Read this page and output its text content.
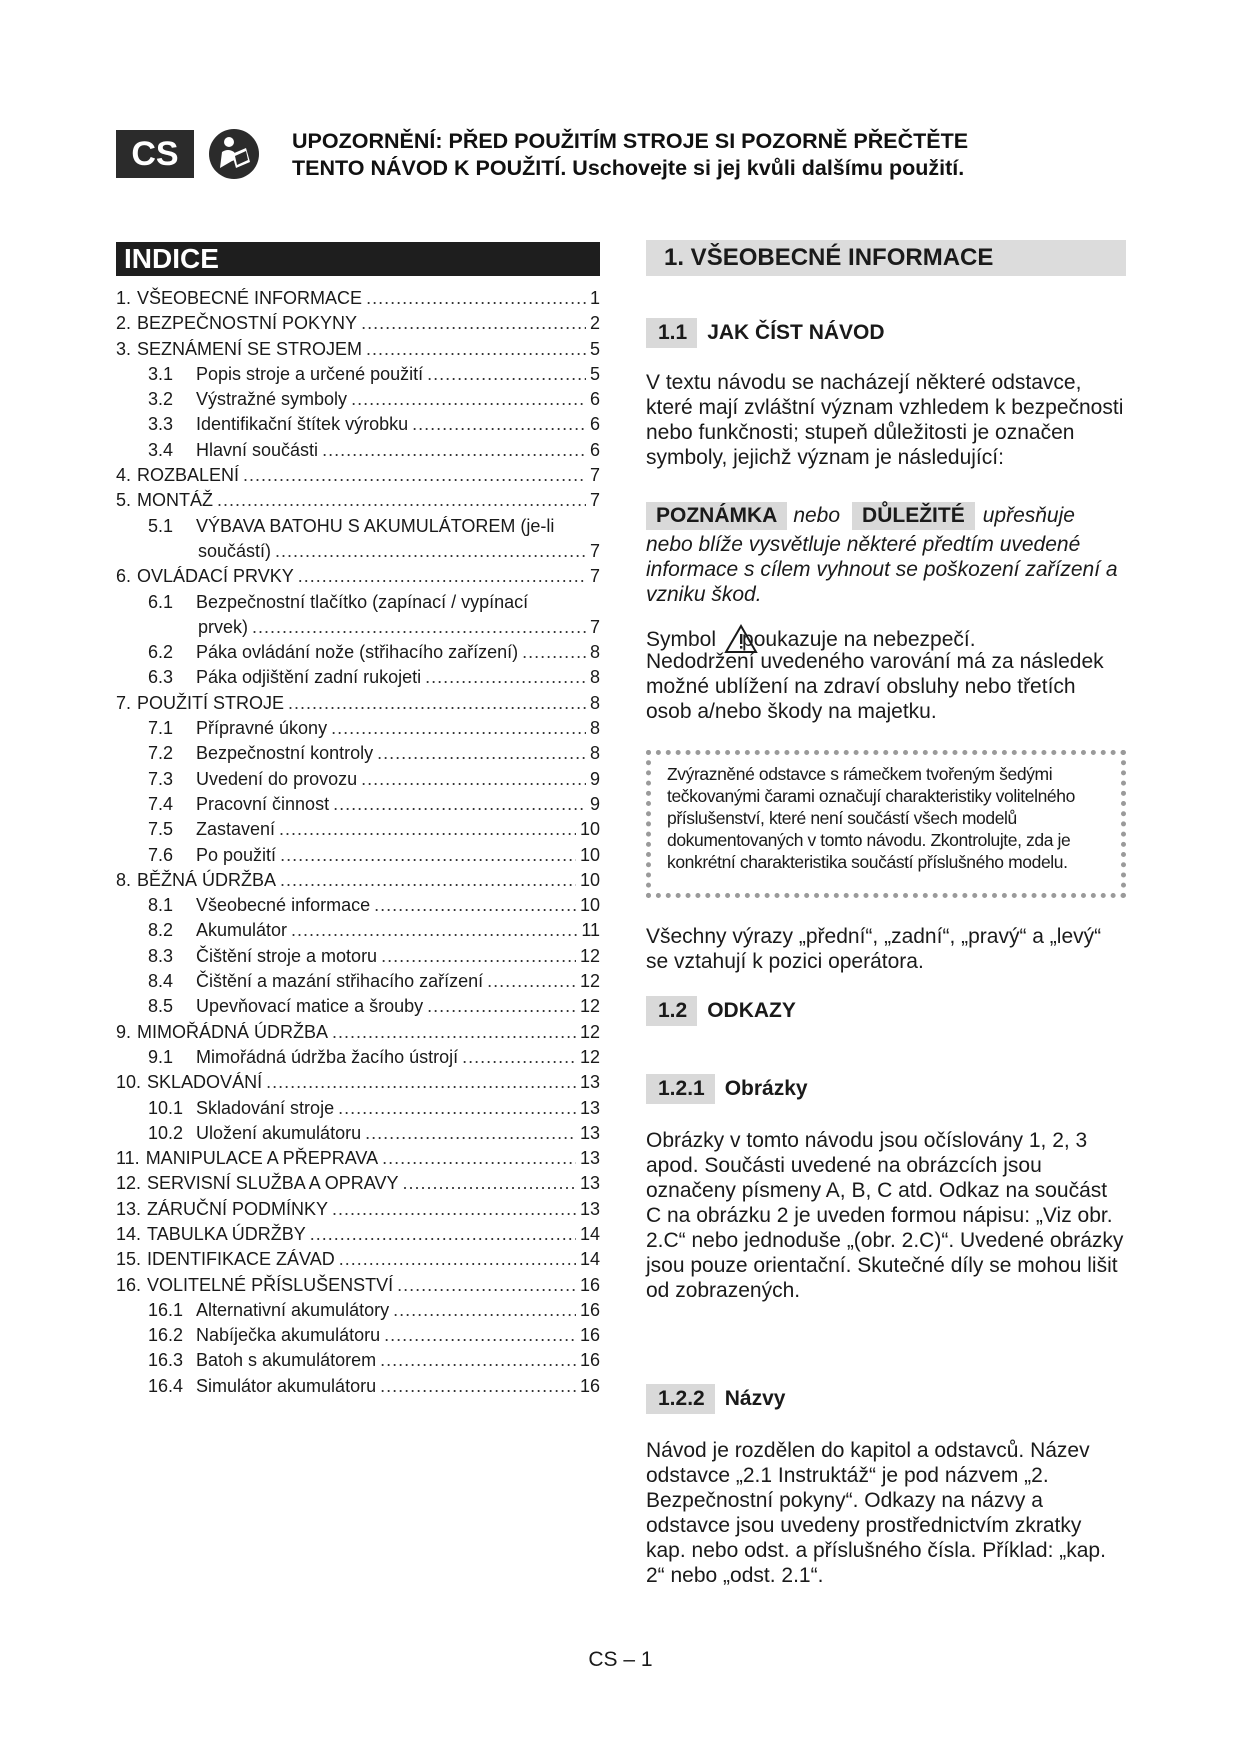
CS	UPOZORNĚNÍ: PŘED POUŽITÍM STROJE SI POZORNĚ PŘEČTĚTE
TENTO NÁVOD K POUŽITÍ. Uschovejte si jej kvůli dalšímu použití.
INDICE
1. VŠEOBECNÉ INFORMACE .....	1
2. BEZPEČNOSTNÍ POKYNY .....	2
3. SEZNÁMENÍ SE STROJEM .....	5
3.1	Popis stroje a určené použití .....	5
3.2	Výstražné symboly .....	6
3.3	Identifikační štítek výrobku .....	6
3.4	Hlavní součásti .....	6
4. ROZBALENÍ .....	7
5. MONTÁŽ .....	7
5.1	VÝBAVA BATOHU S AKUMULÁTOREM (je-li
součástí) .....	7
6. OVLÁDACÍ PRVKY .....	7
6.1	Bezpečnostní tlačítko (zapínací / vypínací
prvek) .....	7
6.2	Páka ovládání nože (střihacího zařízení) .....	8
6.3	Páka odjištění zadní rukojeti .....	8
7. POUŽITÍ STROJE .....	8
7.1	Přípravné úkony .....	8
7.2	Bezpečnostní kontroly .....	8
7.3	Uvedení do provozu .....	9
7.4	Pracovní činnost .....	9
7.5	Zastavení .....	10
7.6	Po použití .....	10
8. BĚŽNÁ ÚDRŽBA .....	10
8.1	Všeobecné informace .....	10
8.2	Akumulátor .....	11
8.3	Čištění stroje a motoru .....	12
8.4	Čištění a mazání střihacího zařízení .....	12
8.5	Upevňovací matice a šrouby .....	12
9. MIMOŘÁDNÁ ÚDRŽBA .....	12
9.1	Mimořádná údržba žacího ústrojí .....	12
10. SKLADOVÁNÍ .....	13
10.1 Skladování stroje .....	13
10.2 Uložení akumulátoru .....	13
11. MANIPULACE A PŘEPRAVA .....	13
12. SERVISNÍ SLUŽBA A OPRAVY .....	13
13. ZÁRUČNÍ PODMÍNKY .....	13
14. TABULKA ÚDRŽBY .....	14
15. IDENTIFIKACE ZÁVAD .....	14
16. VOLITELNÉ PŘÍSLUŠENSTVÍ .....	16
16.1 Alternativní akumulátory .....	16
16.2 Nabíječka akumulátoru .....	16
16.3 Batoh s akumulátorem .....	16
16.4 Simulátor akumulátoru .....	16
1. VŠEOBECNÉ INFORMACE
1.1 JAK ČÍST NÁVOD

V textu návodu se nacházejí některé odstavce, které mají zvláštní význam vzhledem k bezpečnosti nebo funkčnosti; stupeň důležitosti je označen symboly, jejichž význam je následující:

POZNÁMKA nebo	DŮLEŽITÉ upřesňuje

nebo blíže vysvětluje některé předtím uvedené informace s cílem vyhnout se poškození zařízení a vzniku škod.

Symbol poukazuje na nebezpečí.

Nedodržení uvedeného varování má za následek možné ublížení na zdraví obsluhy nebo třetích osob a/nebo škody na majetku.

Zvýrazněné odstavce s rámečkem tvořeným šedými tečkovanými čarami označují charakteristiky volitelného příslušenství, které není součástí všech modelů dokumentovaných v tomto návodu. Zkontrolujte, zda je konkrétní charakteristika součástí příslušného modelu.

Všechny výrazy „přední“, „zadní“, „pravý“ a „levý“ se vztahují k pozici operátora.

1.2 ODKAZY
1.2.1 Obrázky

Obrázky v tomto návodu jsou očíslovány 1, 2, 3 apod. Součásti uvedené na obrázcích jsou označeny písmeny A, B, C atd. Odkaz na součást C na obrázku 2 je uveden formou nápisu: „Viz obr. 2.C“ nebo jednoduše „(obr. 2.C)“. Uvedené obrázky jsou pouze orientační. Skutečné díly se mohou lišit od zobrazených.

1.2.2 Názvy

Návod je rozdělen do kapitol a odstavců. Název odstavce „2.1 Instruktáž“ je pod názvem „2. Bezpečnostní pokyny“. Odkazy na názvy a odstavce jsou uvedeny prostřednictvím zkratky kap. nebo odst. a příslušného čísla. Příklad: „kap. 2“ nebo „odst. 2.1“.

CS – 1
